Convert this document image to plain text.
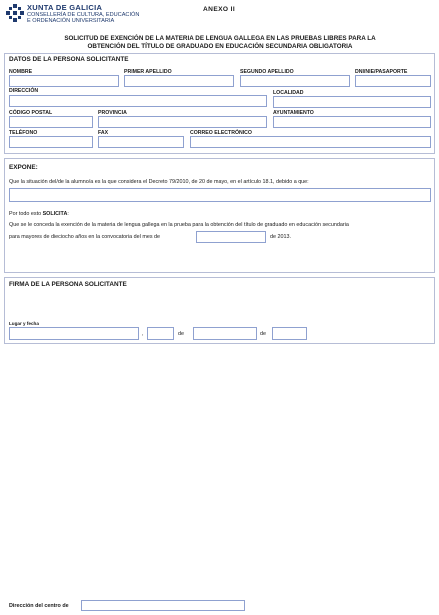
XUNTA DE GALICIA
CONSELLERÍA DE CULTURA, EDUCACIÓN
E ORDENACIÓN UNIVERSITARIA
ANEXO II
SOLICITUD DE EXENCIÓN DE LA MATERIA DE LENGUA GALLEGA EN LAS PRUEBAS LIBRES PARA LA
OBTENCIÓN DEL TÍTULO DE GRADUADO EN EDUCACIÓN SECUNDARIA OBLIGATORIA
DATOS DE LA PERSONA SOLICITANTE
NOMBRE	PRIMER APELLIDO	SEGUNDO APELLIDO	DNI/NIE/PASAPORTE
DIRECCIÓN	LOCALIDAD
CÓDIGO POSTAL	PROVINCIA	AYUNTAMIENTO
TELÉFONO	FAX	CORREO ELECTRÓNICO
EXPONE:
Que la situación del/de la alumno/a es la que considera el Decreto 79/2010, de 20 de mayo, en el artículo 18.1, debido a que:
Por todo esto SOLICITA:
Que se le conceda la exención de la materia de lengua gallega en la prueba para la obtención del título de graduado en educación secundaria
para mayores de dieciocho años en la convocatoria del mes de	de 2013.
FIRMA DE LA PERSONA SOLICITANTE
Lugar y fecha
,	de	de
Dirección del centro de
